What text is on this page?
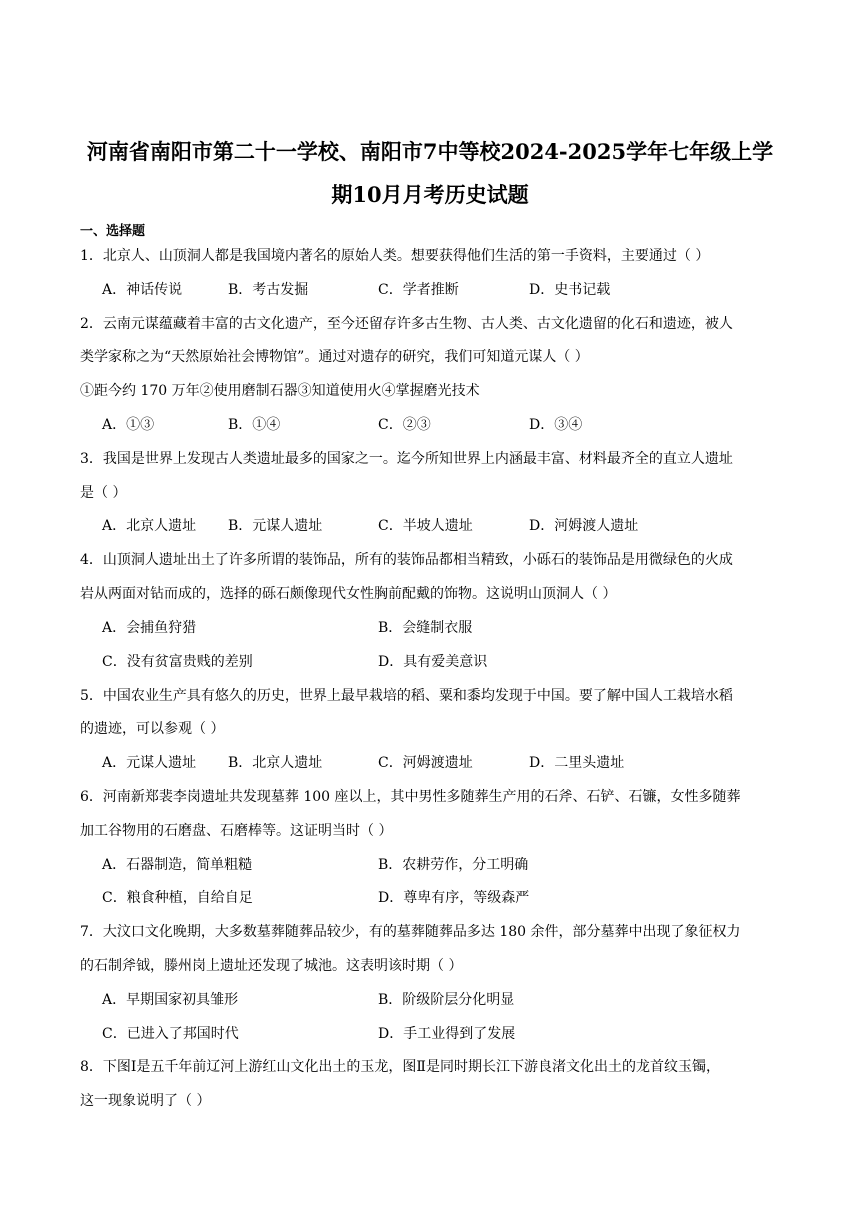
河南省南阳市第二十一学校、南阳市7中等校2024-2025学年七年级上学
期10月月考历史试题
一、选择题
1．北京人、山顶洞人都是我国境内著名的原始人类。想要获得他们生活的第一手资料，主要通过（ ）
A．神话传说	B．考古发掘	C．学者推断	D．史书记载
2．云南元谋蕴藏着丰富的古文化遗产，至今还留存许多古生物、古人类、古文化遗留的化石和遗迹，被人
类学家称之为“天然原始社会博物馆”。通过对遗存的研究，我们可知道元谋人（ ）
①距今约 170 万年②使用磨制石器③知道使用火④掌握磨光技术
A．①③	B．①④	C．②③	D．③④
3．我国是世界上发现古人类遗址最多的国家之一。迄今所知世界上内涵最丰富、材料最齐全的直立人遗址
是（ ）
A．北京人遗址 B．元谋人遗址	C．半坡人遗址	D．河姆渡人遗址
4．山顶洞人遗址出土了许多所谓的装饰品，所有的装饰品都相当精致，小砾石的装饰品是用微绿色的火成
岩从两面对钻而成的，选择的砾石颇像现代女性胸前配戴的饰物。这说明山顶洞人（ ）
A．会捕鱼狩猎	B．会缝制衣服
C．没有贫富贵贱的差别	D．具有爱美意识
5．中国农业生产具有悠久的历史，世界上最早栽培的稻、粟和黍均发现于中国。要了解中国人工栽培水稻
的遗迹，可以参观（ ）
A．元谋人遗址 B．北京人遗址	C．河姆渡遗址	D．二里头遗址
6．河南新郑裴李岗遗址共发现墓葬 100 座以上，其中男性多随葬生产用的石斧、石铲、石镰，女性多随葬
加工谷物用的石磨盘、石磨棒等。这证明当时（ ）
A．石器制造，简单粗糙	B．农耕劳作，分工明确
C．粮食种植，自给自足	D．尊卑有序，等级森严
7．大汶口文化晚期，大多数墓葬随葬品较少，有的墓葬随葬品多达 180 余件，部分墓葬中出现了象征权力
的石制斧钺，滕州岗上遗址还发现了城池。这表明该时期（ ）
A．早期国家初具雏形	B．阶级阶层分化明显
C．已进入了邦国时代	D．手工业得到了发展
8．下图Ⅰ是五千年前辽河上游红山文化出土的玉龙，图Ⅱ是同时期长江下游良渚文化出土的龙首纹玉镯，
这一现象说明了（ ）
